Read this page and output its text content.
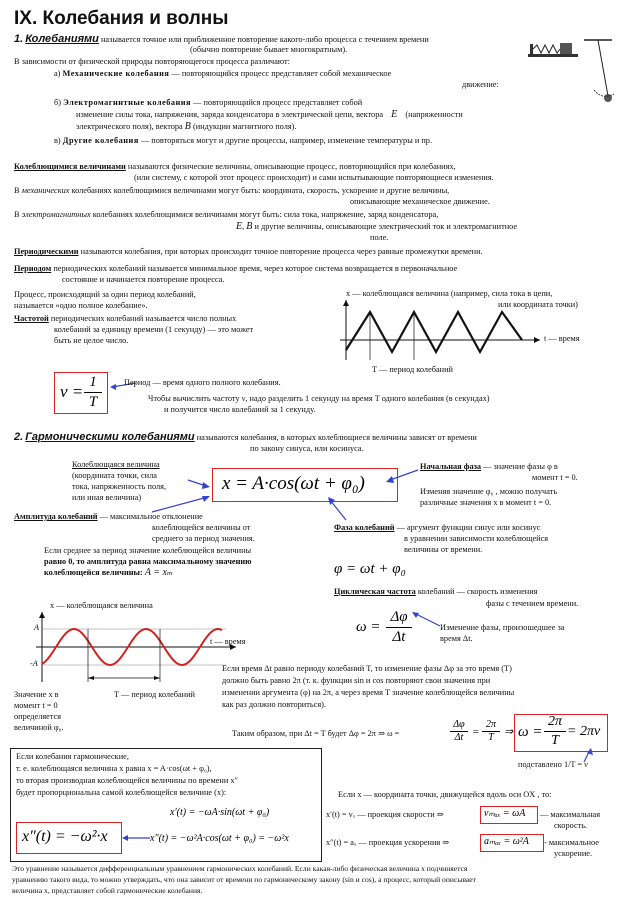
IX. Колебания и волны
1. Колебаниями называется точное или приближенное повторение какого-либо процесса с течением времени
(обычно повторение бывает многократным).
В зависимости от физической природы повторяющегося процесса различают:
а) Механические колебания — повторяющийся процесс представляет собой механическое
движение:
б) Электромагнитные колебания — повторяющийся процесс представляет собой
изменение силы тока, напряжения, заряда конденсатора в электрической цепи, вектора E (напряженности
электрического поля), вектора B (индукции магнитного поля).
в) Другие колебания — повторяться могут и другие процессы, например, изменение температуры и пр.
Колеблющимися величинами называются физические величины, описывающие процесс, повторяющийся при колебаниях,
(или систему, с которой этот процесс происходит) и сами испытывающие повторяющиеся изменения.
В механических колебаниях колеблющимися величинами могут быть: координата, скорость, ускорение и другие величины,
описывающие механическое движение.
В электромагнитных колебаниях колеблющимися величинами могут быть: сила тока, напряжение, заряд конденсатора,
E, B и другие величины, описывающие электрический ток и электромагнитное
поле.
Периодическими называются колебания, при которых происходит точное повторение процесса через равные промежутки времени.
Периодом периодических колебаний называется минимальное время, через которое система возвращается в первоначальное
состояние и начинается повторение процесса.
Процесс, происходящий за один период колебаний,
называется «одно полное колебание».
Частотой периодических колебаний называется число полных
колебаний за единицу времени (1 секунду) — это может
быть не целое число.
x — колеблющаяся величина (например, сила тока в цепи,
или координата точки)
t — время
T — период колебаний
ν = 1
T
Период — время одного полного колебания.
Чтобы вычислить частоту ν, надо разделить 1 секунду на время T одного колебания (в секундах)
и получится число колебаний за 1 секунду.
2. Гармоническими колебаниями называются колебания, в которых колеблющиеся величины зависят от времени
по закону синуса, или косинуса.
Колеблющаяся величина
(координата точки, сила
тока, напряженность поля,
или иная величина)
x = A·cos(ωt + φ₀)
Начальная фаза — значение фазы φ в
момент t = 0.
Изменяя значение φ₀ , можно получать
различные значения x в момент t = 0.
Амплитуда колебаний — максимальное отклонение
колеблющейся величины от
среднего за период значения.
Если среднее за период значение колеблющейся величины
равно 0, то амплитуда равна максимальному значению
колеблющейся величины: A = xₘ
Фаза колебаний — аргумент функции синус или косинус
в уравнении зависимости колеблющейся
величины от времени.
φ = ωt + φ₀
Циклическая частота колебаний — скорость изменения
фазы с течением времени.
ω =
Δφ
Δt
Изменение фазы, произошедшее за
время Δt.
x — колеблющаяся величина
A
-A
t — время
T — период колебаний
Значение x в
момент t = 0
определяется
величиной φ₀.
Если время Δt равно периоду колебаний T, то изменение фазы Δφ за это время (T)
должно быть равно 2π (т. к. функции sin и cos повторяют свои значения при
изменении аргумента (φ) на 2π, а через время T значение колеблющейся величины
как раз должно повториться).
Таким образом, при Δt = T будет Δφ = 2π ⇒ ω =
Δφ
Δt =
2π
T ⇒ ω =
2π
T
= 2πν
подставлено 1/T = ν
Если колебания гармонические,
т. е. колеблющаяся величина x равна x = A·cos(ωt + φ₀),
то вторая производная колеблющейся величины по времени x″
будет пропорциональна самой колеблющейся величине (x):
x′(t) = −ωA·sin(ωt + φ₀)
x″(t) = −ω²A·cos(ωt + φ₀) = −ω²x
x″(t) = −ω²·x
Если x — координата точки, движущейся вдоль оси OX , то:
x′(t) = vₓ — проекция скорости ⇒	vₘₐₓ = ωA — максимальная
скорость.
x″(t) = aₓ — проекция ускорения ⇒	aₘₐₓ = ω²A - максимальное
ускорение.
Это уравнение называется дифференциальным уравнением гармонических колебаний. Если какая-либо физическая величина x подчиняется
уравнению такого вида, то можно утверждать, что она зависит от времени по гармоническому закону (sin и cos), а процесс, который описывает
величина x, представляет собой гармонические колебания.
